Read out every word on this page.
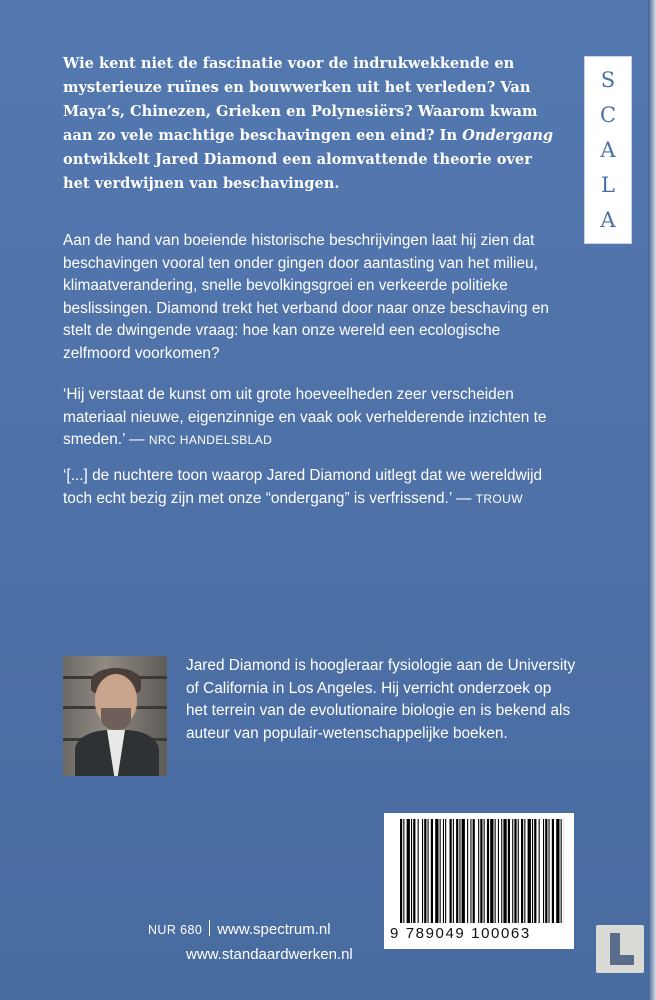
S
C
A
L
A

Wie kent niet de fascinatie voor de indrukwekkende en mysterieuze ruïnes en bouwwerken uit het verleden? Van Maya’s, Chinezen, Grieken en Polynesiërs? Waarom kwam aan zo vele machtige beschavingen een eind? In Ondergang ontwikkelt Jared Diamond een alomvattende theorie over het verdwijnen van beschavingen.

Aan de hand van boeiende historische beschrijvingen laat hij zien dat beschavingen vooral ten onder gingen door aantasting van het milieu, klimaatverandering, snelle bevolkingsgroei en verkeerde politieke beslissingen. Diamond trekt het verband door naar onze beschaving en stelt de dwingende vraag: hoe kan onze wereld een ecologische zelfmoord voorkomen?

‘Hij verstaat de kunst om uit grote hoeveelheden zeer verscheiden materiaal nieuwe, eigenzinnige en vaak ook verhelderende inzichten te smeden.’ — NRC HANDELSBLAD

‘[...] de nuchtere toon waarop Jared Diamond uitlegt dat we wereldwijd toch echt bezig zijn met onze “ondergang” is verfrissend.’ — TROUW

Jared Diamond is hoogleraar fysiologie aan de University of California in Los Angeles. Hij verricht onderzoek op het terrein van de evolutionaire biologie en is bekend als auteur van populair-wetenschappelijke boeken.

9 789049 100063
NUR 680 www.spectrum.nl
www.standaardwerken.nl
